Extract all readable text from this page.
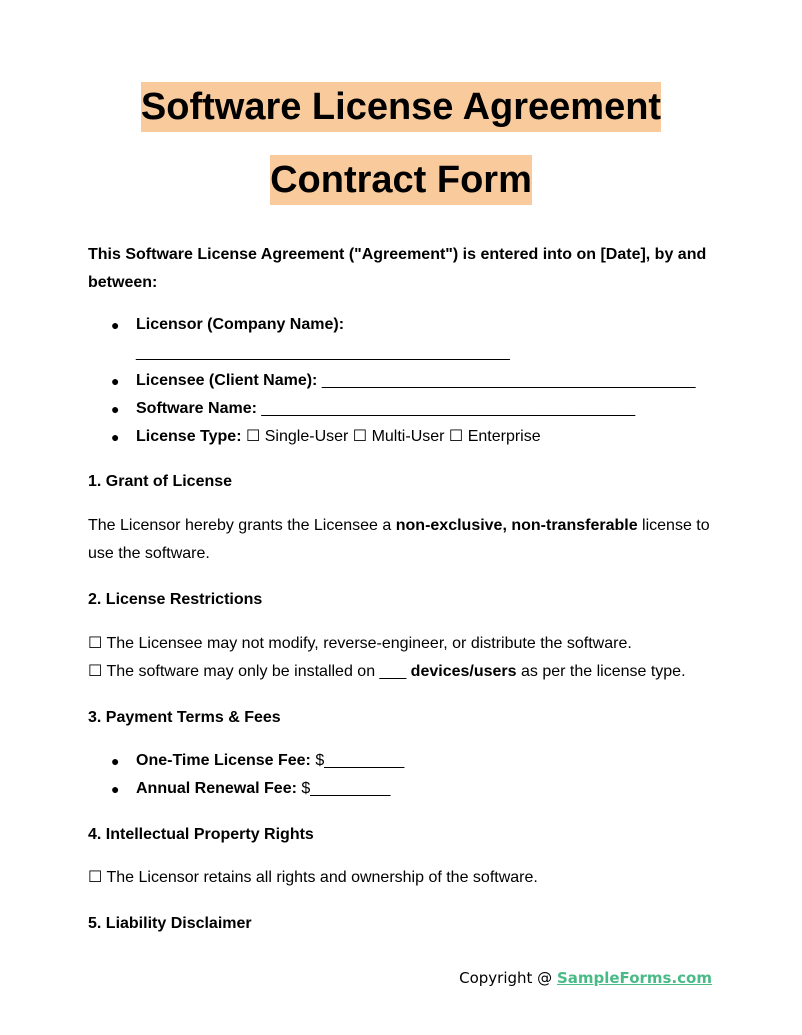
Software License Agreement
Contract Form
This Software License Agreement ("Agreement") is entered into on [Date], by and between:
● Licensor (Company Name):
__________________________________________
● Licensee (Client Name): __________________________________________
● Software Name: __________________________________________
● License Type: ☐ Single-User ☐ Multi-User ☐ Enterprise
1. Grant of License
The Licensor hereby grants the Licensee a non-exclusive, non-transferable license to use the software.
2. License Restrictions
☐ The Licensee may not modify, reverse-engineer, or distribute the software.
☐ The software may only be installed on ___ devices/users as per the license type.
3. Payment Terms & Fees
● One-Time License Fee: $_________
● Annual Renewal Fee: $_________
4. Intellectual Property Rights
☐ The Licensor retains all rights and ownership of the software.
5. Liability Disclaimer
Copyright @ SampleForms.com
